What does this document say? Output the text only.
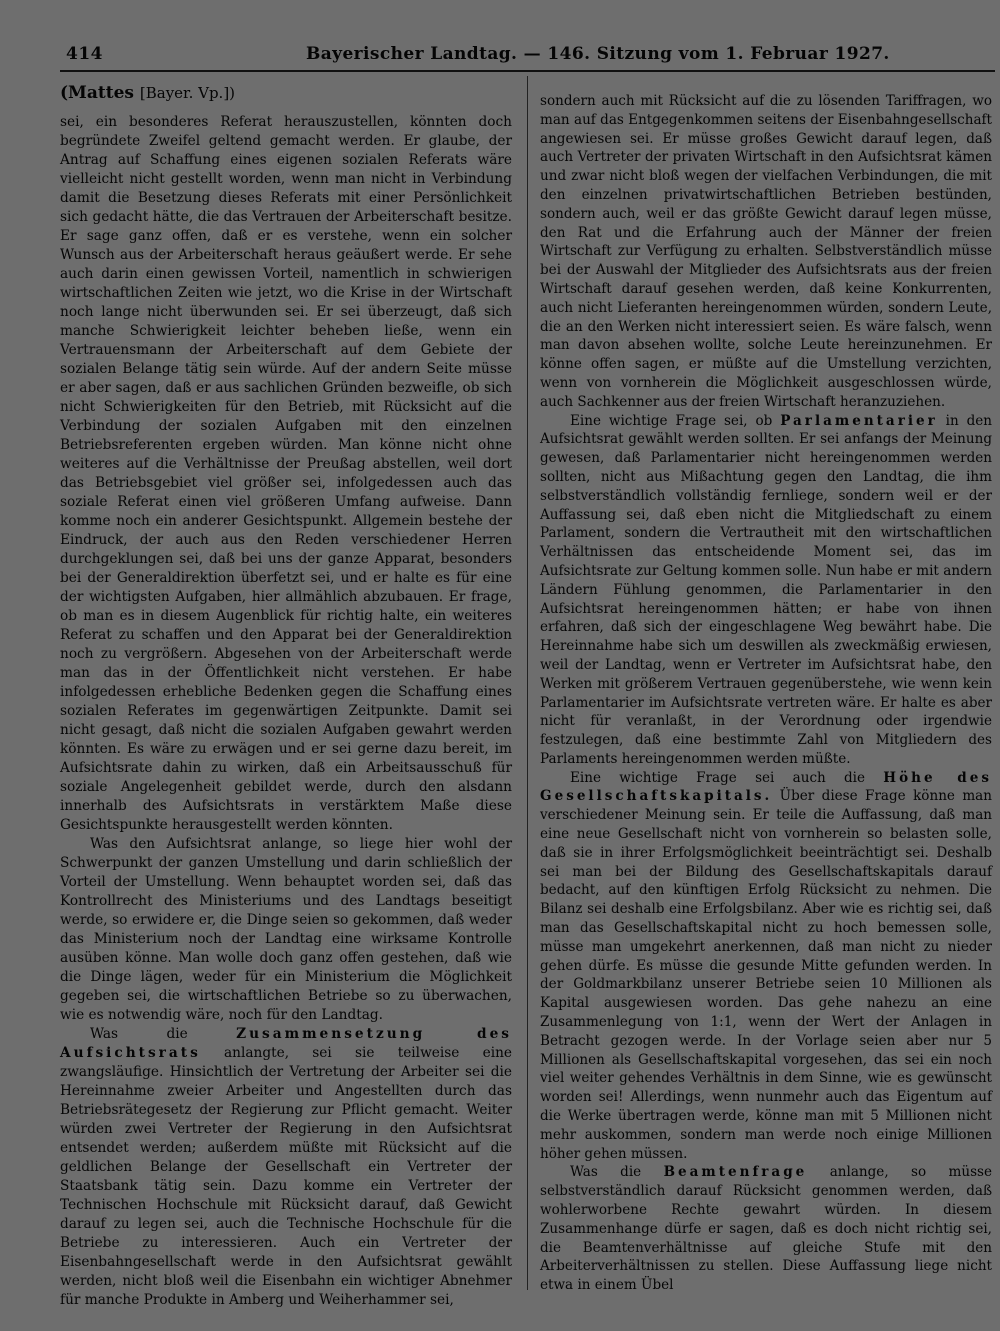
414	Bayerischer Landtag. — 146. Sitzung vom 1. Februar 1927.

(Mattes [Bayer. Vp.])

sei, ein besonderes Referat herauszustellen, könnten doch begründete Zweifel geltend gemacht werden. Er glaube, der Antrag auf Schaffung eines eigenen sozialen Referats wäre vielleicht nicht gestellt worden, wenn man nicht in Verbindung damit die Besetzung dieses Referats mit einer Persönlichkeit sich gedacht hätte, die das Vertrauen der Arbeiterschaft besitze. Er sage ganz offen, daß er es verstehe, wenn ein solcher Wunsch aus der Arbeiterschaft heraus geäußert werde. Er sehe auch darin einen gewissen Vorteil, namentlich in schwierigen wirtschaftlichen Zeiten wie jetzt, wo die Krise in der Wirtschaft noch lange nicht überwunden sei. Er sei überzeugt, daß sich manche Schwierigkeit leichter beheben ließe, wenn ein Vertrauensmann der Arbeiterschaft auf dem Gebiete der sozialen Belange tätig sein würde. Auf der andern Seite müsse er aber sagen, daß er aus sachlichen Gründen bezweifle, ob sich nicht Schwierigkeiten für den Betrieb, mit Rücksicht auf die Verbindung der sozialen Aufgaben mit den einzelnen Betriebsreferenten ergeben würden. Man könne nicht ohne weiteres auf die Verhältnisse der Preußag abstellen, weil dort das Betriebsgebiet viel größer sei, infolgedessen auch das soziale Referat einen viel größeren Umfang aufweise. Dann komme noch ein anderer Gesichtspunkt. Allgemein bestehe der Eindruck, der auch aus den Reden verschiedener Herren durchgeklungen sei, daß bei uns der ganze Apparat, besonders bei der Generaldirektion überfetzt sei, und er halte es für eine der wichtigsten Aufgaben, hier allmählich abzubauen. Er frage, ob man es in diesem Augenblick für richtig halte, ein weiteres Referat zu schaffen und den Apparat bei der Generaldirektion noch zu vergrößern. Abgesehen von der Arbeiterschaft werde man das in der Öffentlichkeit nicht verstehen. Er habe infolgedessen erhebliche Bedenken gegen die Schaffung eines sozialen Referates im gegenwärtigen Zeitpunkte. Damit sei nicht gesagt, daß nicht die sozialen Aufgaben gewahrt werden könnten. Es wäre zu erwägen und er sei gerne dazu bereit, im Aufsichtsrate dahin zu wirken, daß ein Arbeitsausschuß für soziale Angelegenheit gebildet werde, durch den alsdann innerhalb des Aufsichtsrats in verstärktem Maße diese Gesichtspunkte herausgestellt werden könnten.

Was den Aufsichtsrat anlange, so liege hier wohl der Schwerpunkt der ganzen Umstellung und darin schließlich der Vorteil der Umstellung. Wenn behauptet worden sei, daß das Kontrollrecht des Ministeriums und des Landtags beseitigt werde, so erwidere er, die Dinge seien so gekommen, daß weder das Ministerium noch der Landtag eine wirksame Kontrolle ausüben könne. Man wolle doch ganz offen gestehen, daß wie die Dinge lägen, weder für ein Ministerium die Möglichkeit gegeben sei, die wirtschaftlichen Betriebe so zu überwachen, wie es notwendig wäre, noch für den Landtag.

Was die Zusammensetzung des Aufsichtsrats anlangte, sei sie teilweise eine zwangsläufige. Hinsichtlich der Vertretung der Arbeiter sei die Hereinnahme zweier Arbeiter und Angestellten durch das Betriebsrätegesetz der Regierung zur Pflicht gemacht. Weiter würden zwei Vertreter der Regierung in den Aufsichtsrat entsendet werden; außerdem müßte mit Rücksicht auf die geldlichen Belange der Gesellschaft ein Vertreter der Staatsbank tätig sein. Dazu komme ein Vertreter der Technischen Hochschule mit Rücksicht darauf, daß Gewicht darauf zu legen sei, auch die Technische Hochschule für die Betriebe zu interessieren. Auch ein Vertreter der Eisenbahngesellschaft werde in den Aufsichtsrat gewählt werden, nicht bloß weil die Eisenbahn ein wichtiger Abnehmer für manche Produkte in Amberg und Weiherhammer sei,

sondern auch mit Rücksicht auf die zu lösenden Tariffragen, wo man auf das Entgegenkommen seitens der Eisenbahngesellschaft angewiesen sei. Er müsse großes Gewicht darauf legen, daß auch Vertreter der privaten Wirtschaft in den Aufsichtsrat kämen und zwar nicht bloß wegen der vielfachen Verbindungen, die mit den einzelnen privatwirtschaftlichen Betrieben bestünden, sondern auch, weil er das größte Gewicht darauf legen müsse, den Rat und die Erfahrung auch der Männer der freien Wirtschaft zur Verfügung zu erhalten. Selbstverständlich müsse bei der Auswahl der Mitglieder des Aufsichtsrats aus der freien Wirtschaft darauf gesehen werden, daß keine Konkurrenten, auch nicht Lieferanten hereingenommen würden, sondern Leute, die an den Werken nicht interessiert seien. Es wäre falsch, wenn man davon absehen wollte, solche Leute hereinzunehmen. Er könne offen sagen, er müßte auf die Umstellung verzichten, wenn von vornherein die Möglichkeit ausgeschlossen würde, auch Sachkenner aus der freien Wirtschaft heranzuziehen.

Eine wichtige Frage sei, ob Parlamentarier in den Aufsichtsrat gewählt werden sollten. Er sei anfangs der Meinung gewesen, daß Parlamentarier nicht hereingenommen werden sollten, nicht aus Mißachtung gegen den Landtag, die ihm selbstverständlich vollständig fernliege, sondern weil er der Auffassung sei, daß eben nicht die Mitgliedschaft zu einem Parlament, sondern die Vertrautheit mit den wirtschaftlichen Verhältnissen das entscheidende Moment sei, das im Aufsichtsrate zur Geltung kommen solle. Nun habe er mit andern Ländern Fühlung genommen, die Parlamentarier in den Aufsichtsrat hereingenommen hätten; er habe von ihnen erfahren, daß sich der eingeschlagene Weg bewährt habe. Die Hereinnahme habe sich um deswillen als zweckmäßig erwiesen, weil der Landtag, wenn er Vertreter im Aufsichtsrat habe, den Werken mit größerem Vertrauen gegenüberstehe, wie wenn kein Parlamentarier im Aufsichtsrate vertreten wäre. Er halte es aber nicht für veranlaßt, in der Verordnung oder irgendwie festzulegen, daß eine bestimmte Zahl von Mitgliedern des Parlaments hereingenommen werden müßte.

Eine wichtige Frage sei auch die Höhe des Gesellschaftskapitals. Über diese Frage könne man verschiedener Meinung sein. Er teile die Auffassung, daß man eine neue Gesellschaft nicht von vornherein so belasten solle, daß sie in ihrer Erfolgsmöglichkeit beeinträchtigt sei. Deshalb sei man bei der Bildung des Gesellschaftskapitals darauf bedacht, auf den künftigen Erfolg Rücksicht zu nehmen. Die Bilanz sei deshalb eine Erfolgsbilanz. Aber wie es richtig sei, daß man das Gesellschaftskapital nicht zu hoch bemessen solle, müsse man umgekehrt anerkennen, daß man nicht zu nieder gehen dürfe. Es müsse die gesunde Mitte gefunden werden. In der Goldmarkbilanz unserer Betriebe seien 10 Millionen als Kapital ausgewiesen worden. Das gehe nahezu an eine Zusammenlegung von 1:1, wenn der Wert der Anlagen in Betracht gezogen werde. In der Vorlage seien aber nur 5 Millionen als Gesellschaftskapital vorgesehen, das sei ein noch viel weiter gehendes Verhältnis in dem Sinne, wie es gewünscht worden sei! Allerdings, wenn nunmehr auch das Eigentum auf die Werke übertragen werde, könne man mit 5 Millionen nicht mehr auskommen, sondern man werde noch einige Millionen höher gehen müssen.

Was die Beamtenfrage anlange, so müsse selbstverständlich darauf Rücksicht genommen werden, daß wohlerworbene Rechte gewahrt würden. In diesem Zusammenhange dürfe er sagen, daß es doch nicht richtig sei, die Beamtenverhältnisse auf gleiche Stufe mit den Arbeiterverhältnissen zu stellen. Diese Auffassung liege nicht etwa in einem Übel
